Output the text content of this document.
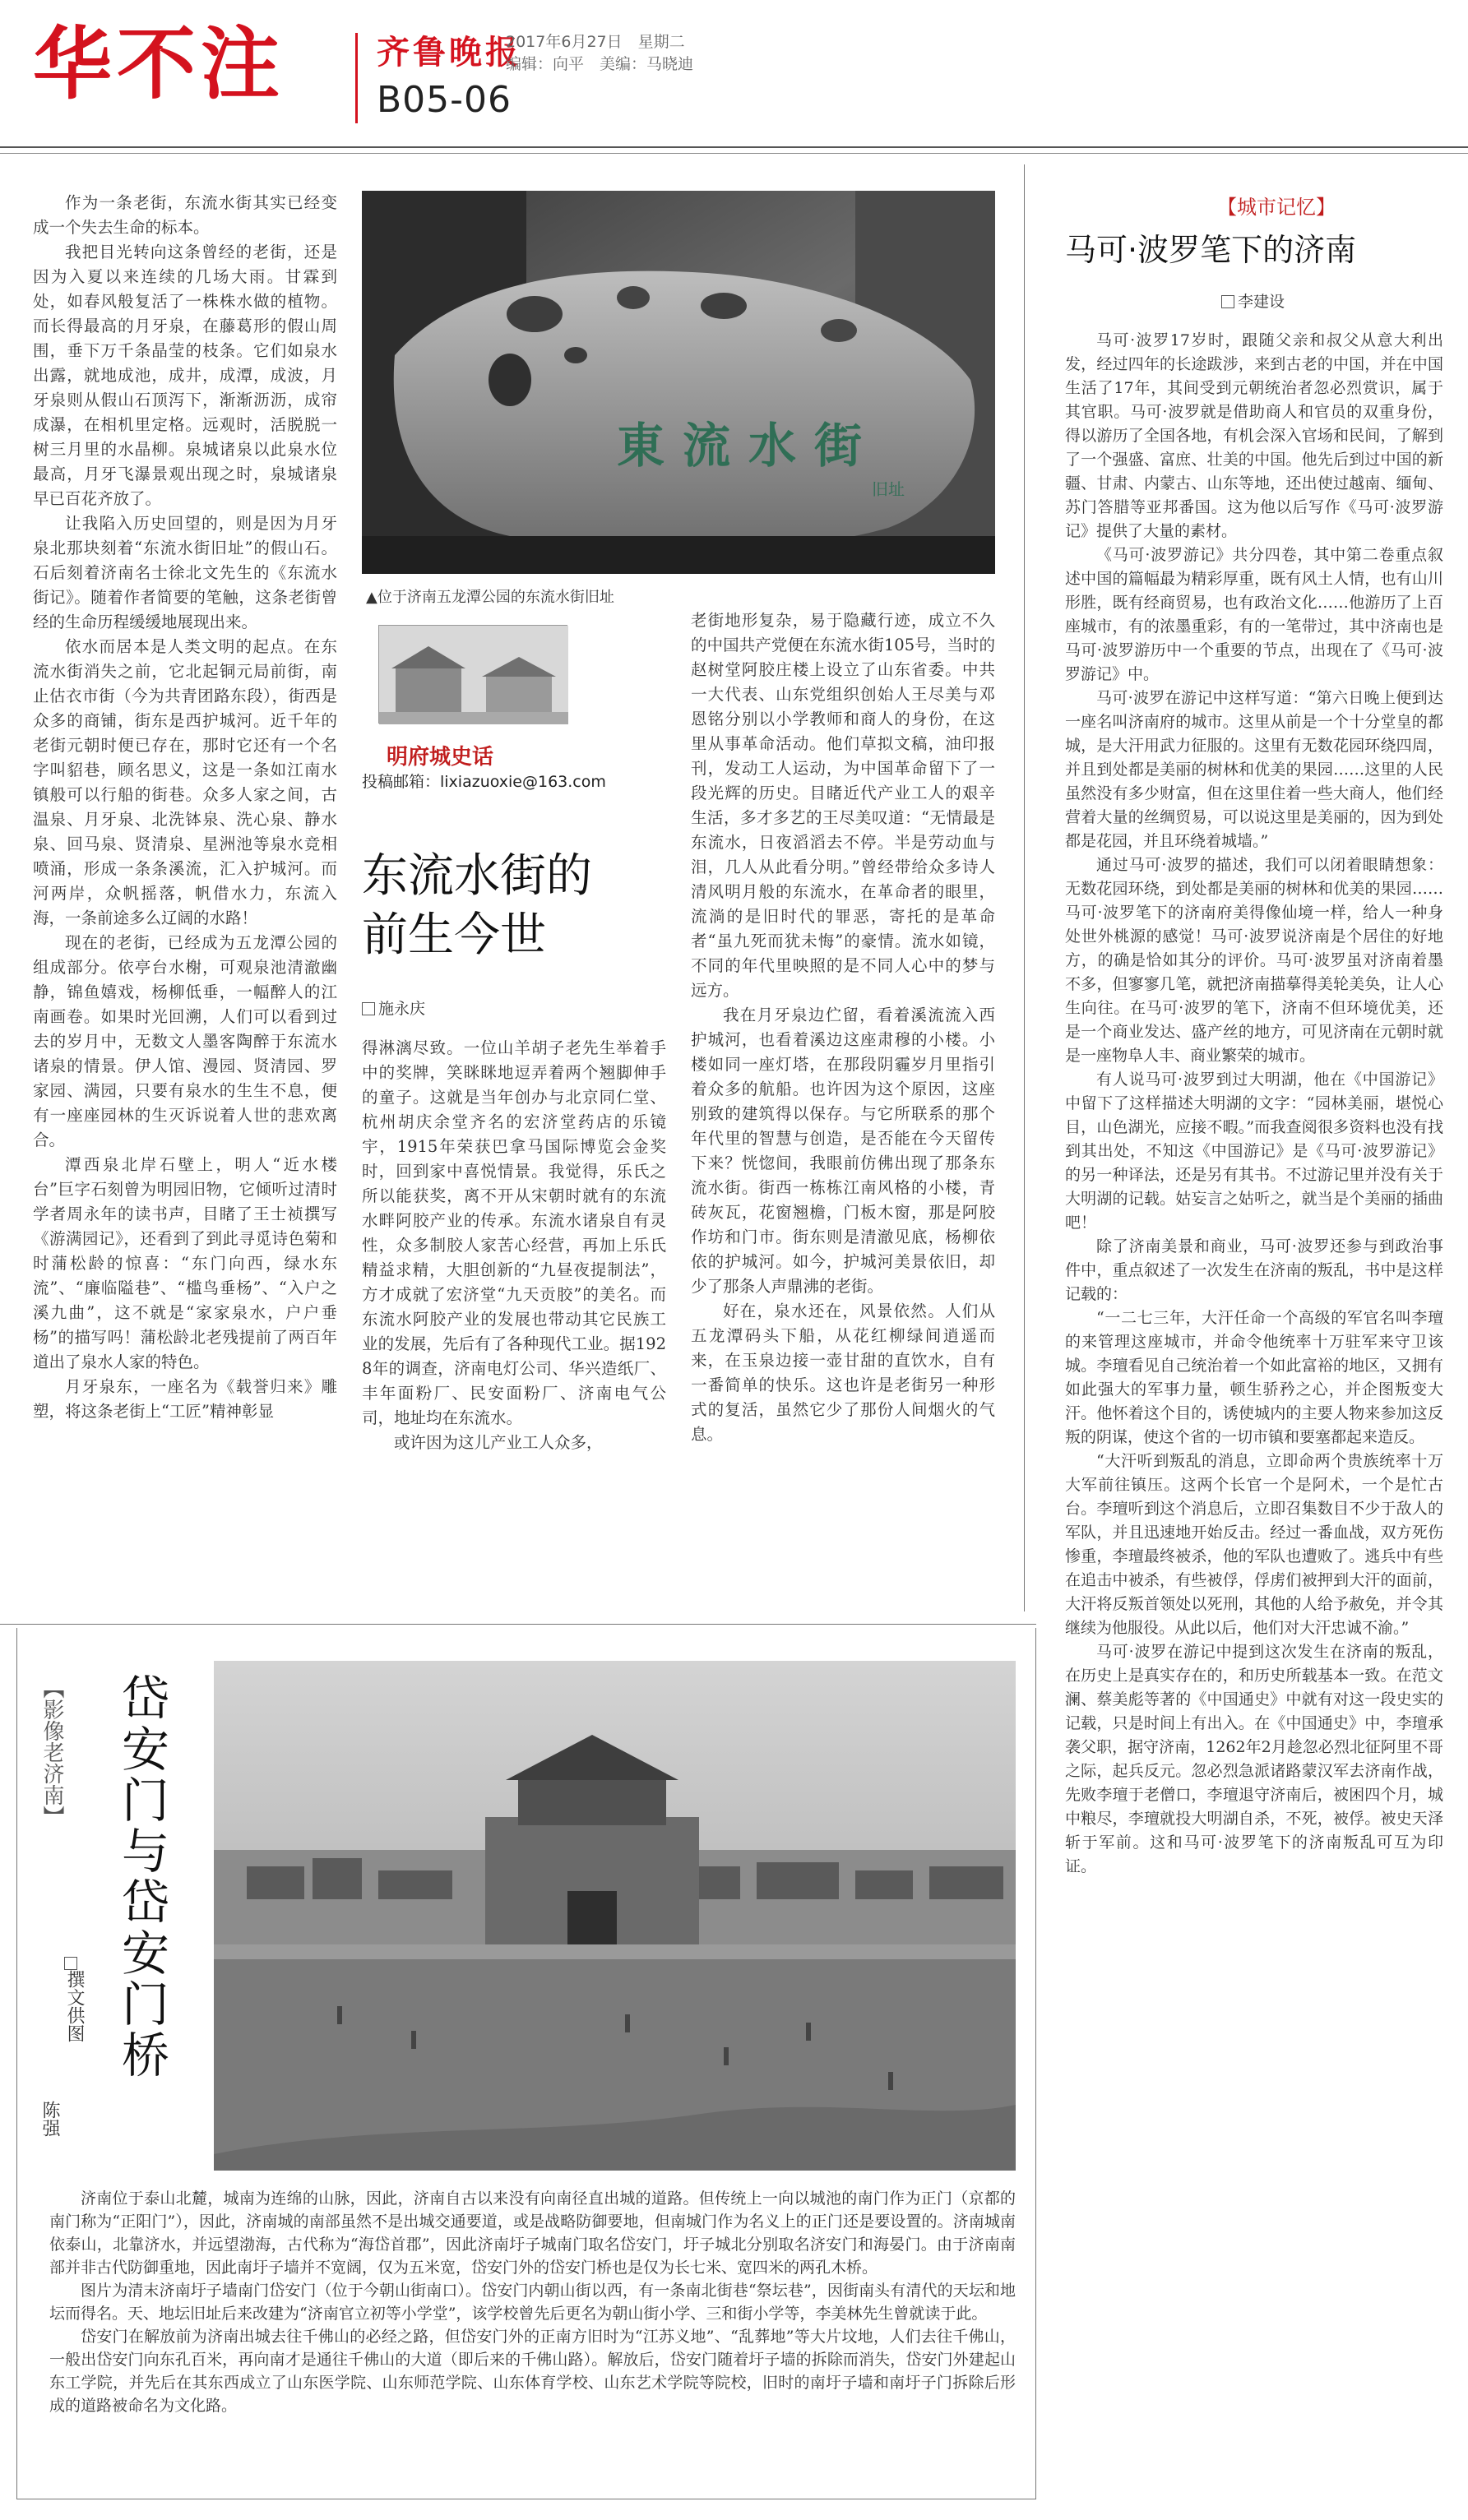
华不注	齐鲁晚报
2017年6月27日　星期二
编辑：向平　美编：马晓迪
B05-06
東流水街
旧址
▲位于济南五龙潭公园的东流水街旧址

作为一条老街，东流水街其实已经变成一个失去生命的标本。

我把目光转向这条曾经的老街，还是因为入夏以来连续的几场大雨。甘霖到处，如春风般复活了一株株水做的植物。而长得最高的月牙泉，在藤葛形的假山周围，垂下万千条晶莹的枝条。它们如泉水出露，就地成池，成井，成潭，成波，月牙泉则从假山石顶泻下，渐渐沥沥，成帘成瀑，在相机里定格。远观时，活脱脱一树三月里的水晶柳。泉城诸泉以此泉水位最高，月牙飞瀑景观出现之时，泉城诸泉早已百花齐放了。

让我陷入历史回望的，则是因为月牙泉北那块刻着“东流水街旧址”的假山石。石后刻着济南名士徐北文先生的《东流水街记》。随着作者简要的笔触，这条老街曾经的生命历程缓缓地展现出来。

依水而居本是人类文明的起点。在东流水街消失之前，它北起铜元局前街，南止估衣市街（今为共青团路东段），街西是众多的商铺，街东是西护城河。近千年的老街元朝时便已存在，那时它还有一个名字叫貂巷，顾名思义，这是一条如江南水镇般可以行船的街巷。众多人家之间，古温泉、月牙泉、北洗钵泉、洗心泉、静水泉、回马泉、贤清泉、星洲池等泉水竞相喷涌，形成一条条溪流，汇入护城河。而河两岸，众帆摇落，帆借水力，东流入海，一条前途多么辽阔的水路！

现在的老街，已经成为五龙潭公园的组成部分。依亭台水榭，可观泉池清澈幽静，锦鱼嬉戏，杨柳低垂，一幅醉人的江南画卷。如果时光回溯，人们可以看到过去的岁月中，无数文人墨客陶醉于东流水诸泉的情景。伊人馆、漫园、贤清园、罗家园、满园，只要有泉水的生生不息，便有一座座园林的生灭诉说着人世的悲欢离合。

潭西泉北岸石壁上，明人“近水楼台”巨字石刻曾为明园旧物，它倾听过清时学者周永年的读书声，目睹了王士祯撰写《游满园记》，还看到了到此寻觅诗色菊和时蒲松龄的惊喜：“东门向西，绿水东流”、“廉临隘巷”、“槛鸟垂杨”、“入户之溪九曲”，这不就是“家家泉水，户户垂杨”的描写吗！蒲松龄北老残提前了两百年道出了泉水人家的特色。

月牙泉东，一座名为《载誉归来》雕塑，将这条老街上“工匠”精神彰显

明府城史话
投稿邮箱：lixiazuoxie@163.com
东流水街的
前生今世
施永庆

得淋漓尽致。一位山羊胡子老先生举着手中的奖牌，笑眯眯地逗弄着两个翘脚伸手的童子。这就是当年创办与北京同仁堂、杭州胡庆余堂齐名的宏济堂药店的乐镜宇，1915年荣获巴拿马国际博览会金奖时，回到家中喜悦情景。我觉得，乐氏之所以能获奖，离不开从宋朝时就有的东流水畔阿胶产业的传承。东流水诸泉自有灵性，众多制胶人家苦心经营，再加上乐氏精益求精，大胆创新的“九昼夜提制法”，方才成就了宏济堂“九天贡胶”的美名。而东流水阿胶产业的发展也带动其它民族工业的发展，先后有了各种现代工业。据1928年的调查，济南电灯公司、华兴造纸厂、丰年面粉厂、民安面粉厂、济南电气公司，地址均在东流水。

或许因为这儿产业工人众多，

老街地形复杂，易于隐藏行迹，成立不久的中国共产党便在东流水街105号，当时的赵树堂阿胶庄楼上设立了山东省委。中共一大代表、山东党组织创始人王尽美与邓恩铭分别以小学教师和商人的身份，在这里从事革命活动。他们草拟文稿，油印报刊，发动工人运动，为中国革命留下了一段光辉的历史。目睹近代产业工人的艰辛生活，多才多艺的王尽美叹道：“无情最是东流水，日夜滔滔去不停。半是劳动血与泪，几人从此看分明。”曾经带给众多诗人清风明月般的东流水，在革命者的眼里，流淌的是旧时代的罪恶，寄托的是革命者“虽九死而犹未悔”的豪情。流水如镜，不同的年代里映照的是不同人心中的梦与远方。

我在月牙泉边伫留，看着溪流流入西护城河，也看着溪边这座肃穆的小楼。小楼如同一座灯塔，在那段阴霾岁月里指引着众多的航船。也许因为这个原因，这座别致的建筑得以保存。与它所联系的那个年代里的智慧与创造，是否能在今天留传下来？恍惚间，我眼前仿佛出现了那条东流水街。街西一栋栋江南风格的小楼，青砖灰瓦，花窗翘檐，门板木窗，那是阿胶作坊和门市。街东则是清澈见底，杨柳依依的护城河。如今，护城河美景依旧，却少了那条人声鼎沸的老街。

好在，泉水还在，风景依然。人们从五龙潭码头下船，从花红柳绿间逍遥而来，在玉泉边接一壶甘甜的直饮水，自有一番简单的快乐。这也许是老街另一种形式的复活，虽然它少了那份人间烟火的气息。

【城市记忆】
马可·波罗笔下的济南
李建设

马可·波罗17岁时，跟随父亲和叔父从意大利出发，经过四年的长途跋涉，来到古老的中国，并在中国生活了17年，其间受到元朝统治者忽必烈赏识，属于其官职。马可·波罗就是借助商人和官员的双重身份，得以游历了全国各地，有机会深入官场和民间，了解到了一个强盛、富庶、壮美的中国。他先后到过中国的新疆、甘肃、内蒙古、山东等地，还出使过越南、缅甸、苏门答腊等亚邦番国。这为他以后写作《马可·波罗游记》提供了大量的素材。

《马可·波罗游记》共分四卷，其中第二卷重点叙述中国的篇幅最为精彩厚重，既有风土人情，也有山川形胜，既有经商贸易，也有政治文化……他游历了上百座城市，有的浓墨重彩，有的一笔带过，其中济南也是马可·波罗游历中一个重要的节点，出现在了《马可·波罗游记》中。

马可·波罗在游记中这样写道：“第六日晚上便到达一座名叫济南府的城市。这里从前是一个十分堂皇的都城，是大汗用武力征服的。这里有无数花园环绕四周，并且到处都是美丽的树林和优美的果园……这里的人民虽然没有多少财富，但在这里住着一些大商人，他们经营着大量的丝绸贸易，可以说这里是美丽的，因为到处都是花园，并且环绕着城墙。”

通过马可·波罗的描述，我们可以闭着眼睛想象：无数花园环绕，到处都是美丽的树林和优美的果园……马可·波罗笔下的济南府美得像仙境一样，给人一种身处世外桃源的感觉！马可·波罗说济南是个居住的好地方，的确是恰如其分的评价。马可·波罗虽对济南着墨不多，但寥寥几笔，就把济南描摹得美轮美奂，让人心生向往。在马可·波罗的笔下，济南不但环境优美，还是一个商业发达、盛产丝的地方，可见济南在元朝时就是一座物阜人丰、商业繁荣的城市。

有人说马可·波罗到过大明湖，他在《中国游记》中留下了这样描述大明湖的文字：“园林美丽，堪悦心目，山色湖光，应接不暇。”而我查阅很多资料也没有找到其出处，不知这《中国游记》是《马可·波罗游记》的另一种译法，还是另有其书。不过游记里并没有关于大明湖的记载。姑妄言之姑听之，就当是个美丽的插曲吧！

除了济南美景和商业，马可·波罗还参与到政治事件中，重点叙述了一次发生在济南的叛乱，书中是这样记载的：

“一二七三年，大汗任命一个高级的军官名叫李璮的来管理这座城市，并命令他统率十万驻军来守卫该城。李璮看见自己统治着一个如此富裕的地区，又拥有如此强大的军事力量，顿生骄矜之心，并企图叛变大汗。他怀着这个目的，诱使城内的主要人物来参加这反叛的阴谋，使这个省的一切市镇和要塞都起来造反。

“大汗听到叛乱的消息，立即命两个贵族统率十万大军前往镇压。这两个长官一个是阿术，一个是忙古台。李璮听到这个消息后，立即召集数目不少于敌人的军队，并且迅速地开始反击。经过一番血战，双方死伤惨重，李璮最终被杀，他的军队也遭败了。逃兵中有些在追击中被杀，有些被俘，俘虏们被押到大汗的面前，大汗将反叛首领处以死刑，其他的人给予赦免，并令其继续为他服役。从此以后，他们对大汗忠诚不渝。”

马可·波罗在游记中提到这次发生在济南的叛乱，在历史上是真实存在的，和历史所载基本一致。在范文澜、蔡美彪等著的《中国通史》中就有对这一段史实的记载，只是时间上有出入。在《中国通史》中，李璮承袭父职，据守济南，1262年2月趁忽必烈北征阿里不哥之际，起兵反元。忽必烈急派诸路蒙汉军去济南作战，先败李璮于老僧口，李璮退守济南后，被困四个月，城中粮尽，李璮就投大明湖自杀，不死，被俘。被史天泽斩于军前。这和马可·波罗笔下的济南叛乱可互为印证。

【影像老济南】 岱安门与岱安门桥
撰文供图
陈强

济南位于泰山北麓，城南为连绵的山脉，因此，济南自古以来没有向南径直出城的道路。但传统上一向以城池的南门作为正门（京都的南门称为“正阳门”），因此，济南城的南部虽然不是出城交通要道，或是战略防御要地，但南城门作为名义上的正门还是要设置的。济南城南依泰山，北靠济水，并远望渤海，古代称为“海岱首郡”，因此济南圩子城南门取名岱安门，圩子城北分别取名济安门和海晏门。由于济南南部并非古代防御重地，因此南圩子墙并不宽阔，仅为五米宽，岱安门外的岱安门桥也是仅为长七米、宽四米的两孔木桥。

图片为清末济南圩子墙南门岱安门（位于今朝山街南口）。岱安门内朝山街以西，有一条南北街巷“祭坛巷”，因街南头有清代的天坛和地坛而得名。天、地坛旧址后来改建为“济南官立初等小学堂”，该学校曾先后更名为朝山街小学、三和街小学等，李美林先生曾就读于此。

岱安门在解放前为济南出城去往千佛山的必经之路，但岱安门外的正南方旧时为“江苏义地”、“乱葬地”等大片坟地，人们去往千佛山，一般出岱安门向东孔百米，再向南才是通往千佛山的大道（即后来的千佛山路）。解放后，岱安门随着圩子墙的拆除而消失，岱安门外建起山东工学院，并先后在其东西成立了山东医学院、山东师范学院、山东体育学校、山东艺术学院等院校，旧时的南圩子墙和南圩子门拆除后形成的道路被命名为文化路。
